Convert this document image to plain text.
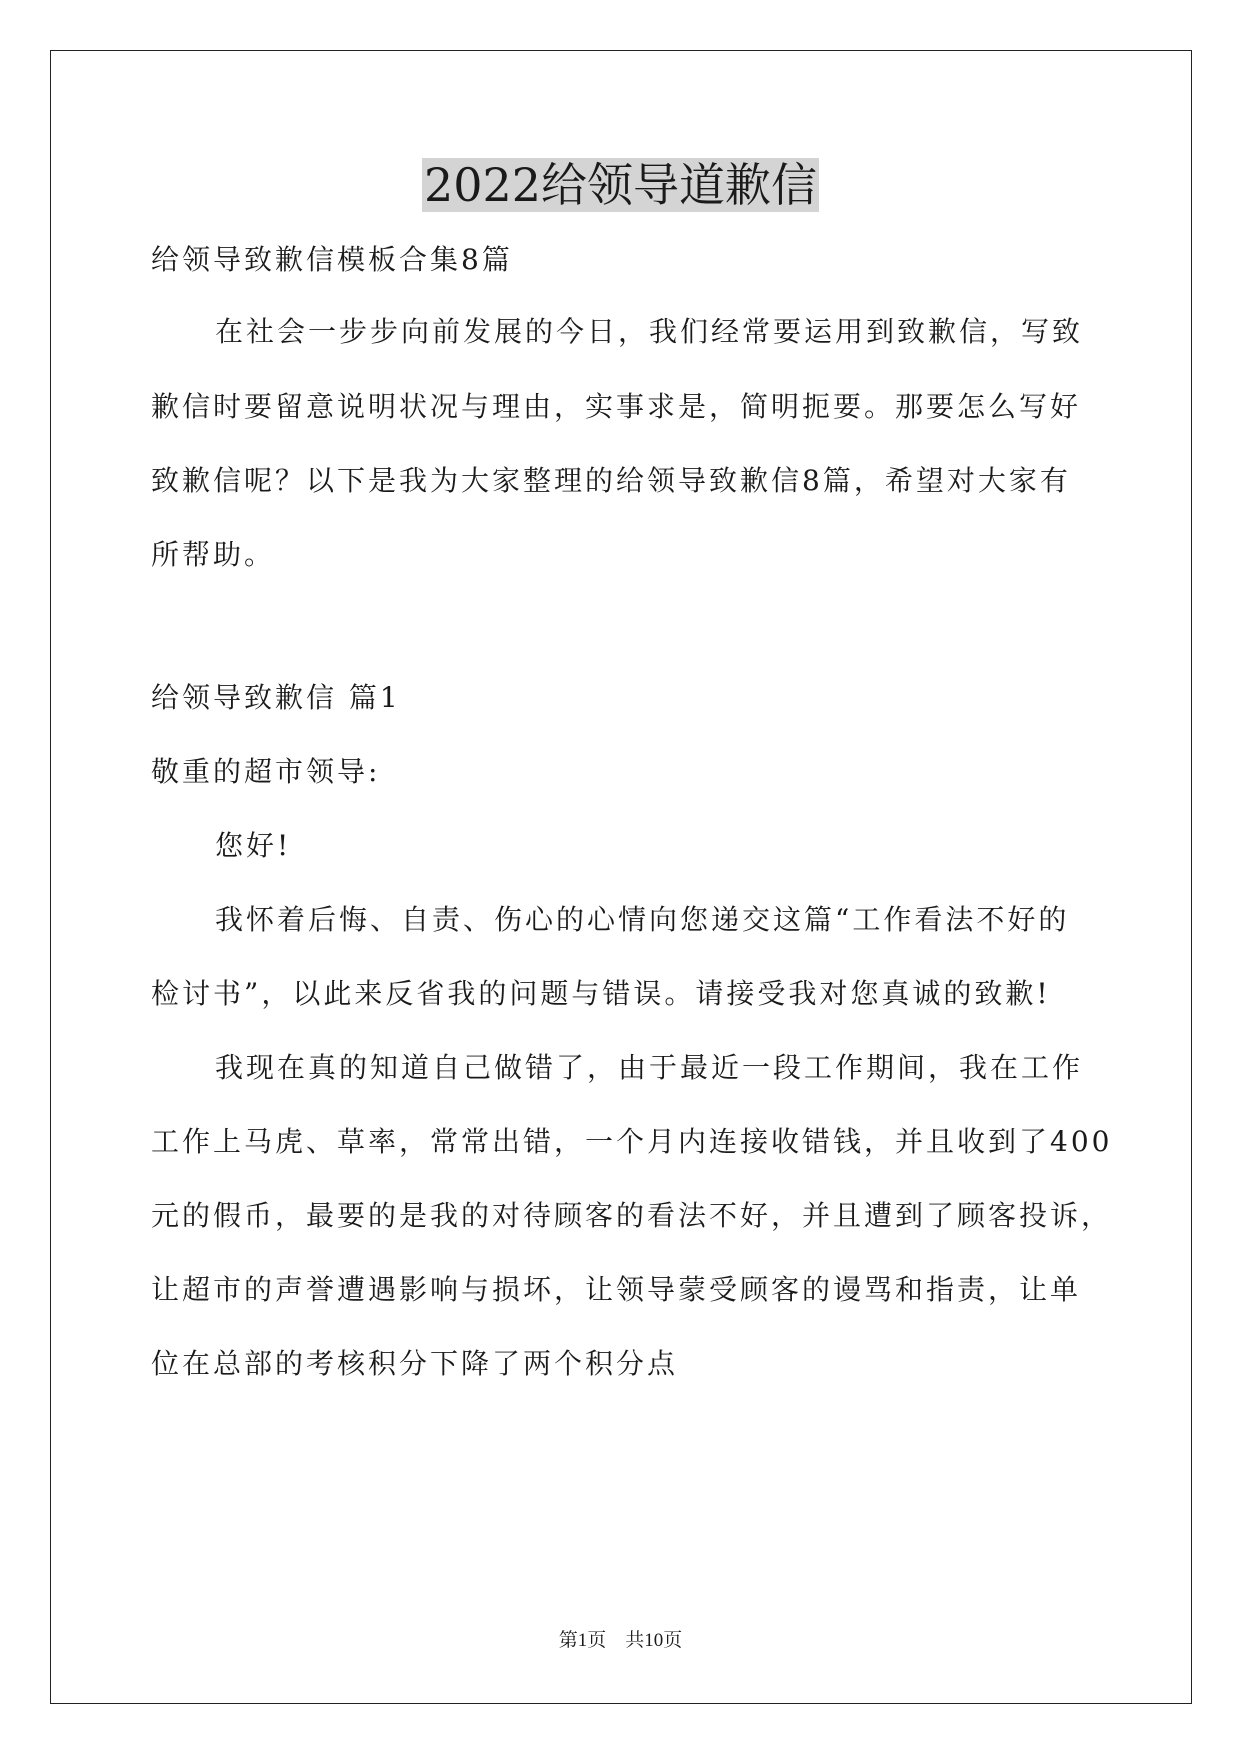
2022给领导道歉信
给领导致歉信模板合集8篇
在社会一步步向前发展的今日，我们经常要运用到致歉信，写致
歉信时要留意说明状况与理由，实事求是，简明扼要。那要怎么写好
致歉信呢？以下是我为大家整理的给领导致歉信8篇，希望对大家有
所帮助。
给领导致歉信 篇1
敬重的超市领导:
您好!
我怀着后悔、自责、伤心的心情向您递交这篇“工作看法不好的
检讨书”，以此来反省我的问题与错误。请接受我对您真诚的致歉!
我现在真的知道自己做错了，由于最近一段工作期间，我在工作
工作上马虎、草率，常常出错，一个月内连接收错钱，并且收到了400
元的假币，最要的是我的对待顾客的看法不好，并且遭到了顾客投诉，
让超市的声誉遭遇影响与损坏，让领导蒙受顾客的谩骂和指责，让单
位在总部的考核积分下降了两个积分点
第1页　共10页
